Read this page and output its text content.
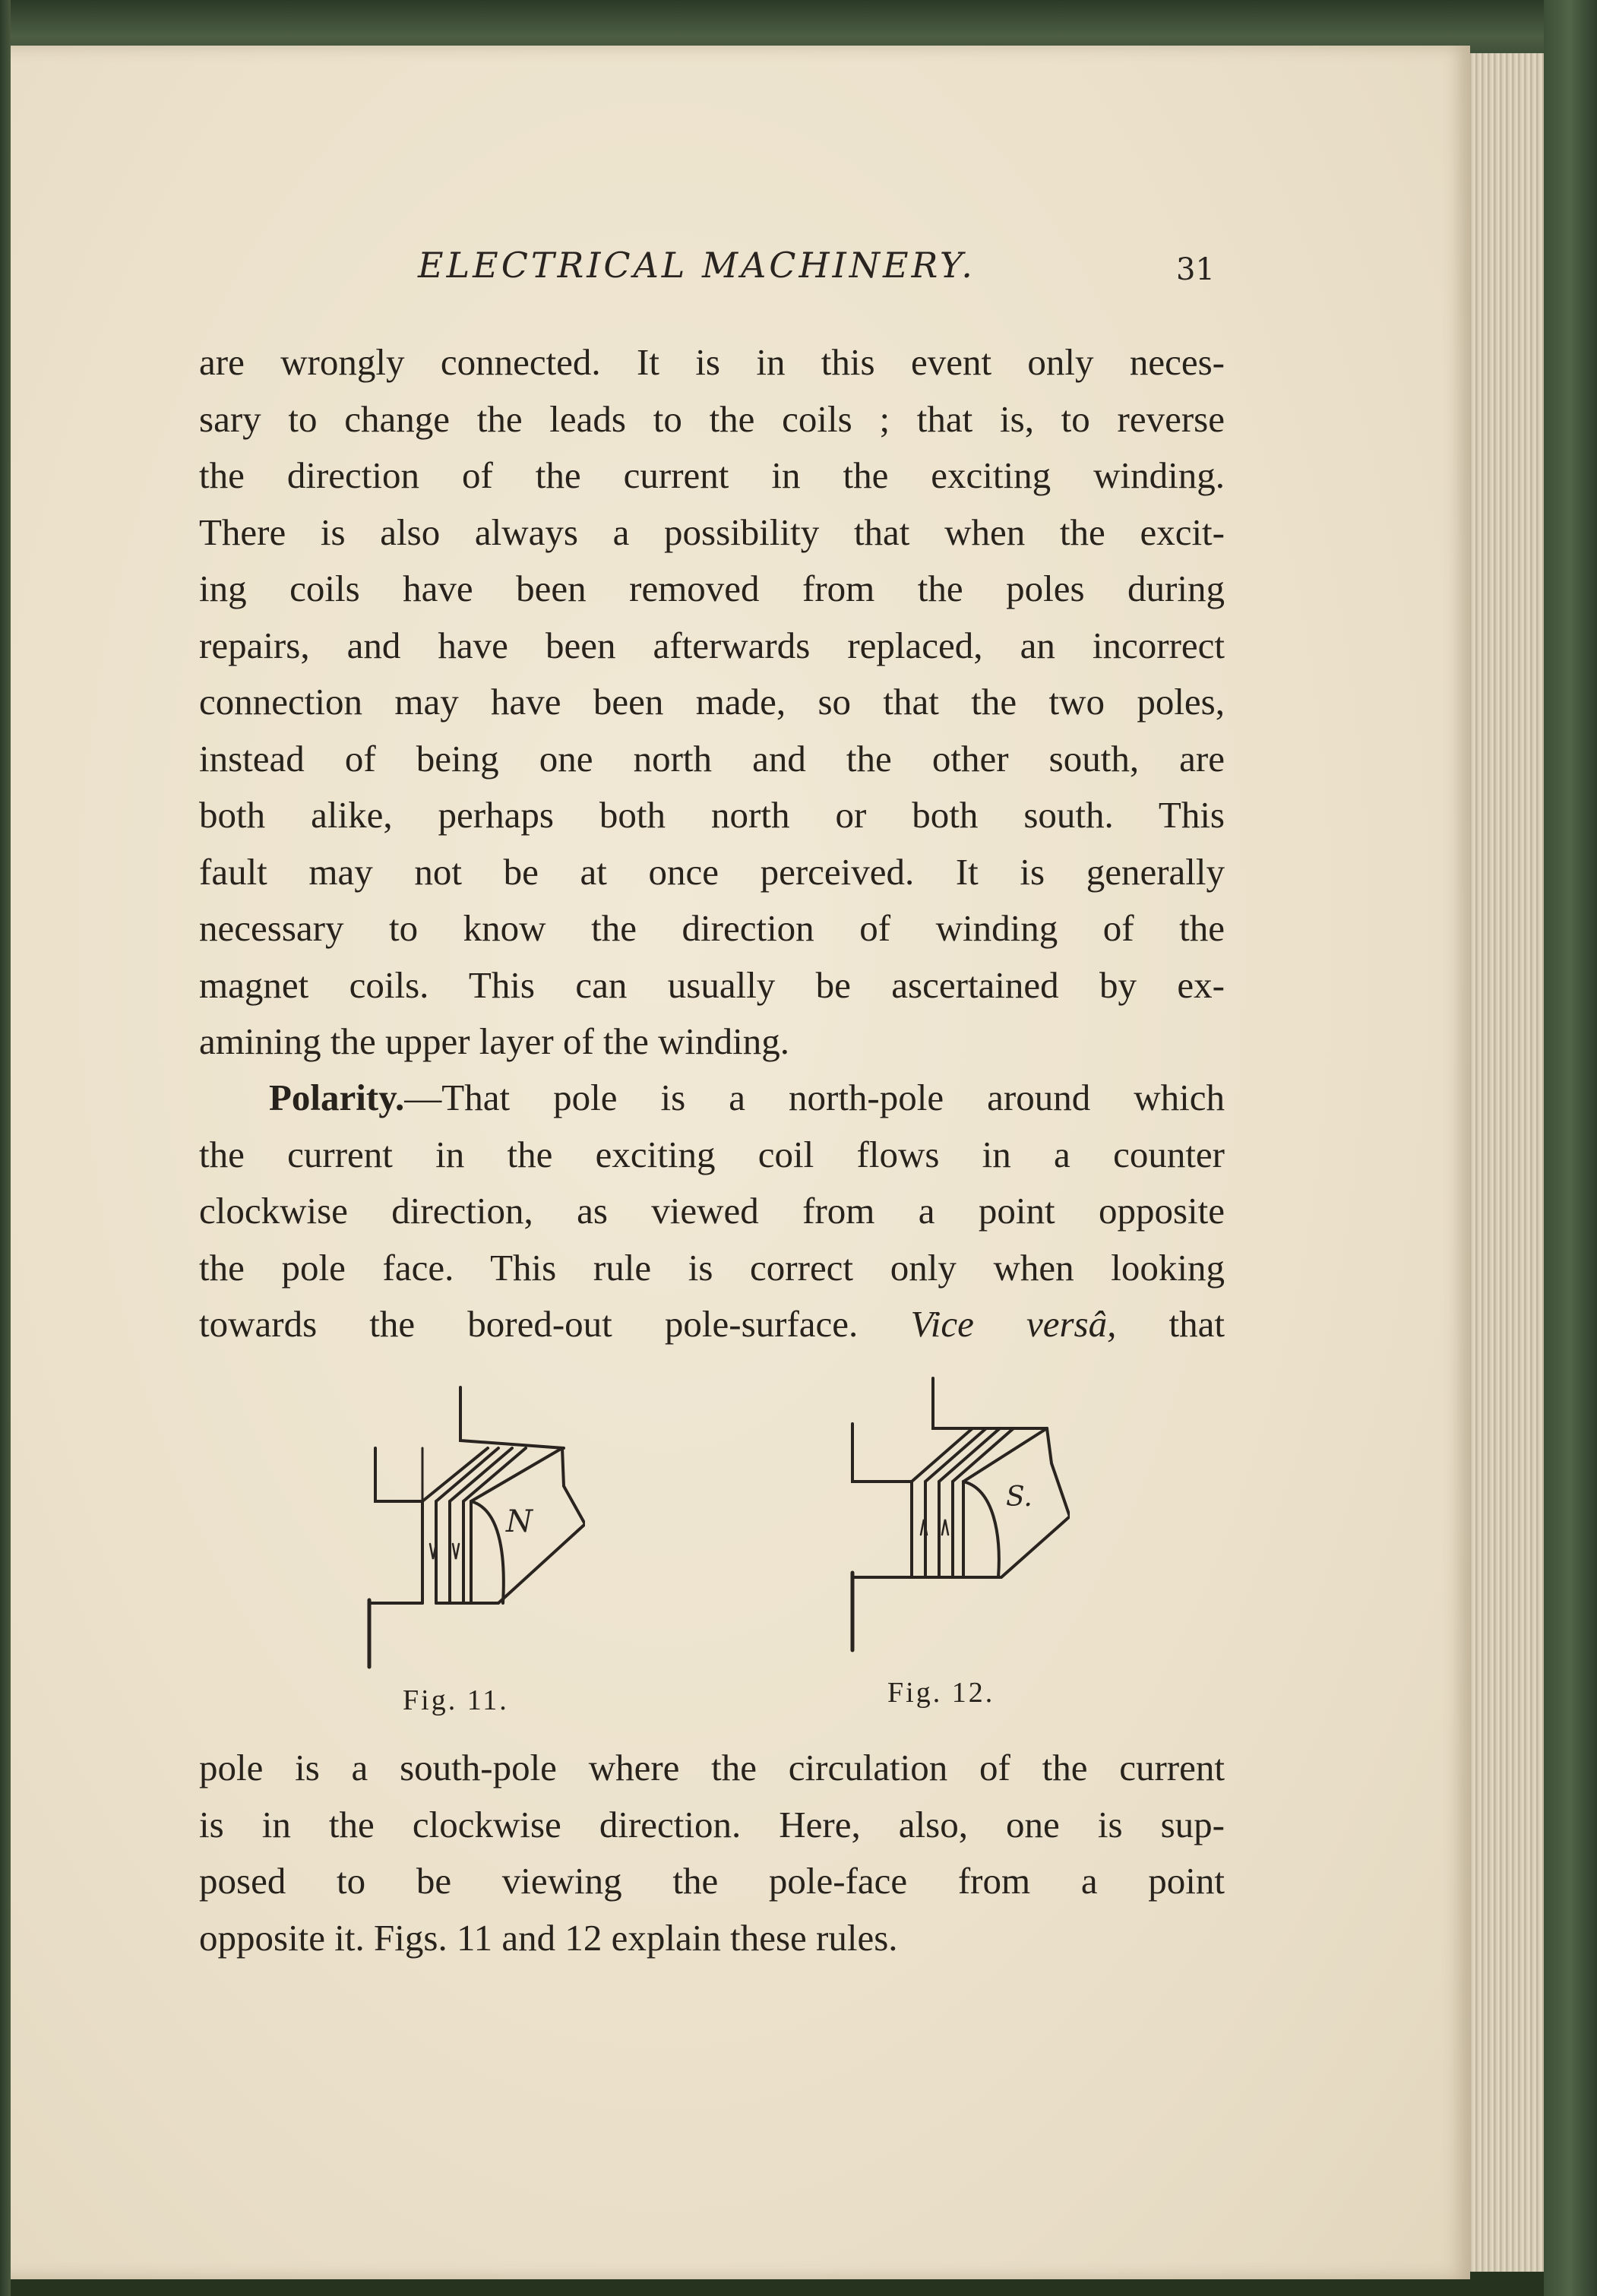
ELECTRICAL MACHINERY.	31
are wrongly connected. It is in this event only neces-
sary to change the leads to the coils ; that is, to reverse
the direction of the current in the exciting winding.
There is also always a possibility that when the excit-
ing coils have been removed from the poles during
repairs, and have been afterwards replaced, an incorrect
connection may have been made, so that the two poles,
instead of being one north and the other south, are
both alike, perhaps both north or both south. This
fault may not be at once perceived. It is generally
necessary to know the direction of winding of the
magnet coils. This can usually be ascertained by ex-
amining the upper layer of the winding.
Polarity.—That pole is a north-pole around which
the current in the exciting coil flows in a counter
clockwise direction, as viewed from a point opposite
the pole face. This rule is correct only when looking
towards the bored-out pole-surface. Vice versâ, that
N
Fig. 11.
S.
Fig. 12.
pole is a south-pole where the circulation of the current
is in the clockwise direction. Here, also, one is sup-
posed to be viewing the pole-face from a point
opposite it. Figs. 11 and 12 explain these rules.
